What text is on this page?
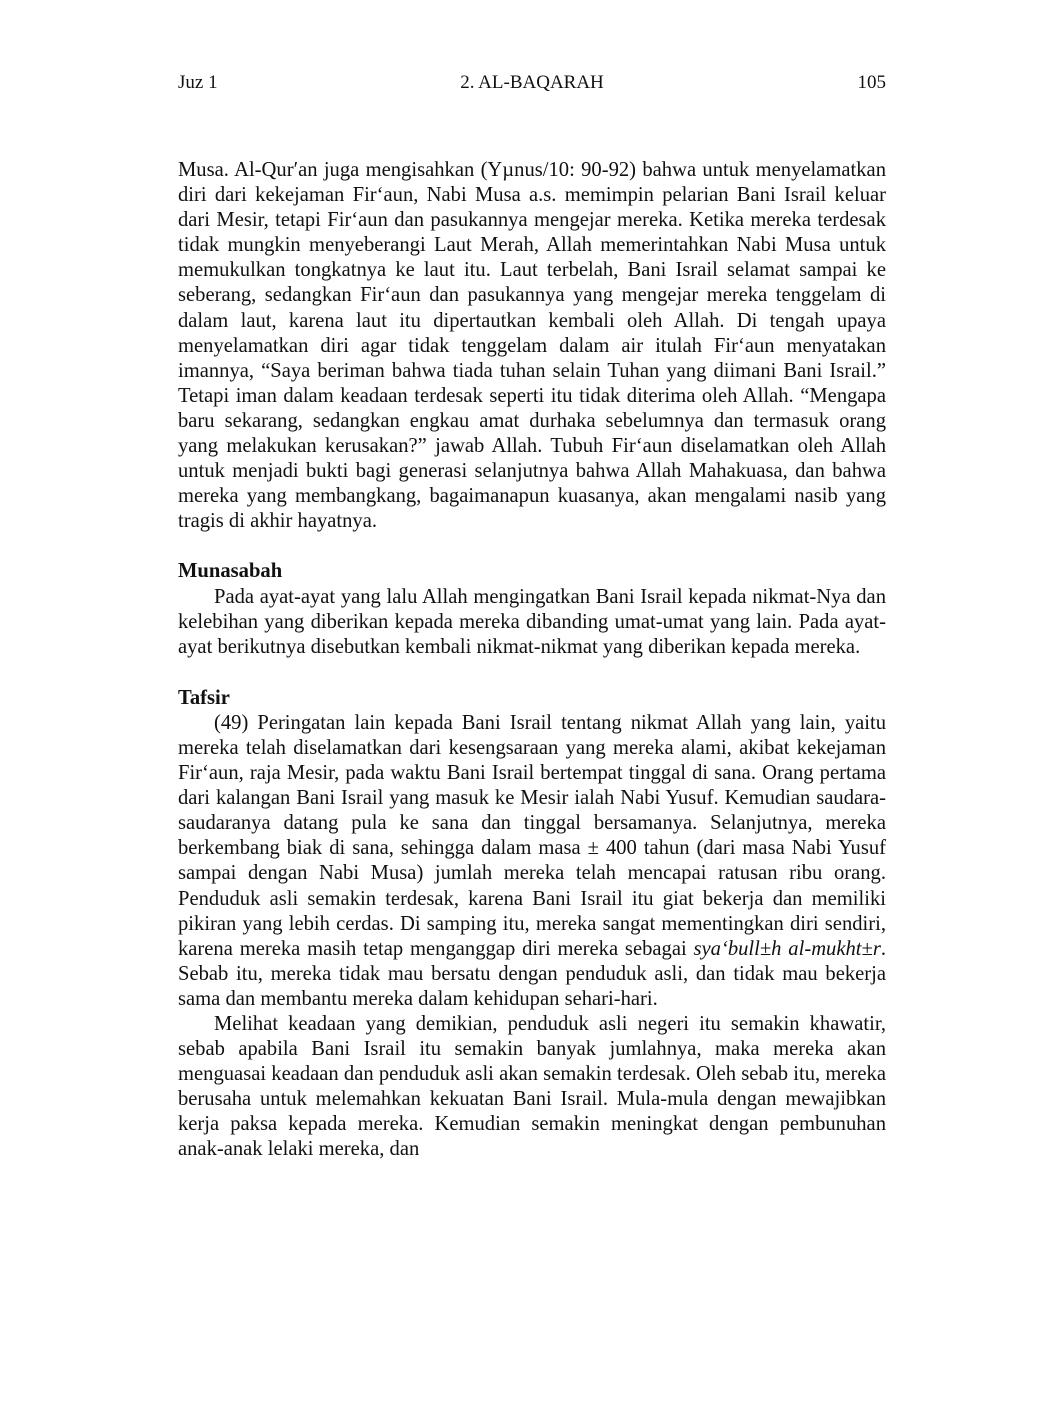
Juz 1	2. AL-BAQARAH	105

Musa. Al-Qur′an juga mengisahkan (Yµnus/10: 90-92) bahwa untuk menyelamatkan diri dari kekejaman Fir‘aun, Nabi Musa a.s. memimpin pelarian Bani Israil keluar dari Mesir, tetapi Fir‘aun dan pasukannya mengejar mereka. Ketika mereka terdesak tidak mungkin menyeberangi Laut Merah, Allah memerintahkan Nabi Musa untuk memukulkan tongkatnya ke laut itu. Laut terbelah, Bani Israil selamat sampai ke seberang, sedangkan Fir‘aun dan pasukannya yang mengejar mereka tenggelam di dalam laut, karena laut itu dipertautkan kembali oleh Allah. Di tengah upaya menyelamatkan diri agar tidak tenggelam dalam air itulah Fir‘aun menyatakan imannya, “Saya beriman bahwa tiada tuhan selain Tuhan yang diimani Bani Israil.” Tetapi iman dalam keadaan terdesak seperti itu tidak diterima oleh Allah. “Mengapa baru sekarang, sedangkan engkau amat durhaka sebelumnya dan termasuk orang yang melakukan kerusakan?” jawab Allah. Tubuh Fir‘aun diselamatkan oleh Allah untuk menjadi bukti bagi generasi selanjutnya bahwa Allah Mahakuasa, dan bahwa mereka yang membangkang, bagaimanapun kuasanya, akan mengalami nasib yang tragis di akhir hayatnya.

Munasabah

Pada ayat-ayat yang lalu Allah mengingatkan Bani Israil kepada nikmat-Nya dan kelebihan yang diberikan kepada mereka dibanding umat-umat yang lain. Pada ayat-ayat berikutnya disebutkan kembali nikmat-nikmat yang diberikan kepada mereka.

Tafsir

(49) Peringatan lain kepada Bani Israil tentang nikmat Allah yang lain, yaitu mereka telah diselamatkan dari kesengsaraan yang mereka alami, akibat kekejaman Fir‘aun, raja Mesir, pada waktu Bani Israil bertempat tinggal di sana. Orang pertama dari kalangan Bani Israil yang masuk ke Mesir ialah Nabi Yusuf. Kemudian saudara-saudaranya datang pula ke sana dan tinggal bersamanya. Selanjutnya, mereka berkembang biak di sana, sehingga dalam masa ± 400 tahun (dari masa Nabi Yusuf sampai dengan Nabi Musa) jumlah mereka telah mencapai ratusan ribu orang. Penduduk asli semakin terdesak, karena Bani Israil itu giat bekerja dan memiliki pikiran yang lebih cerdas. Di samping itu, mereka sangat mementingkan diri sendiri, karena mereka masih tetap menganggap diri mereka sebagai sya‘bull±h al-mukht±r. Sebab itu, mereka tidak mau bersatu dengan penduduk asli, dan tidak mau bekerja sama dan membantu mereka dalam kehidupan sehari-hari.

Melihat keadaan yang demikian, penduduk asli negeri itu semakin khawatir, sebab apabila Bani Israil itu semakin banyak jumlahnya, maka mereka akan menguasai keadaan dan penduduk asli akan semakin terdesak. Oleh sebab itu, mereka berusaha untuk melemahkan kekuatan Bani Israil. Mula-mula dengan mewajibkan kerja paksa kepada mereka. Kemudian semakin meningkat dengan pembunuhan anak-anak lelaki mereka, dan
